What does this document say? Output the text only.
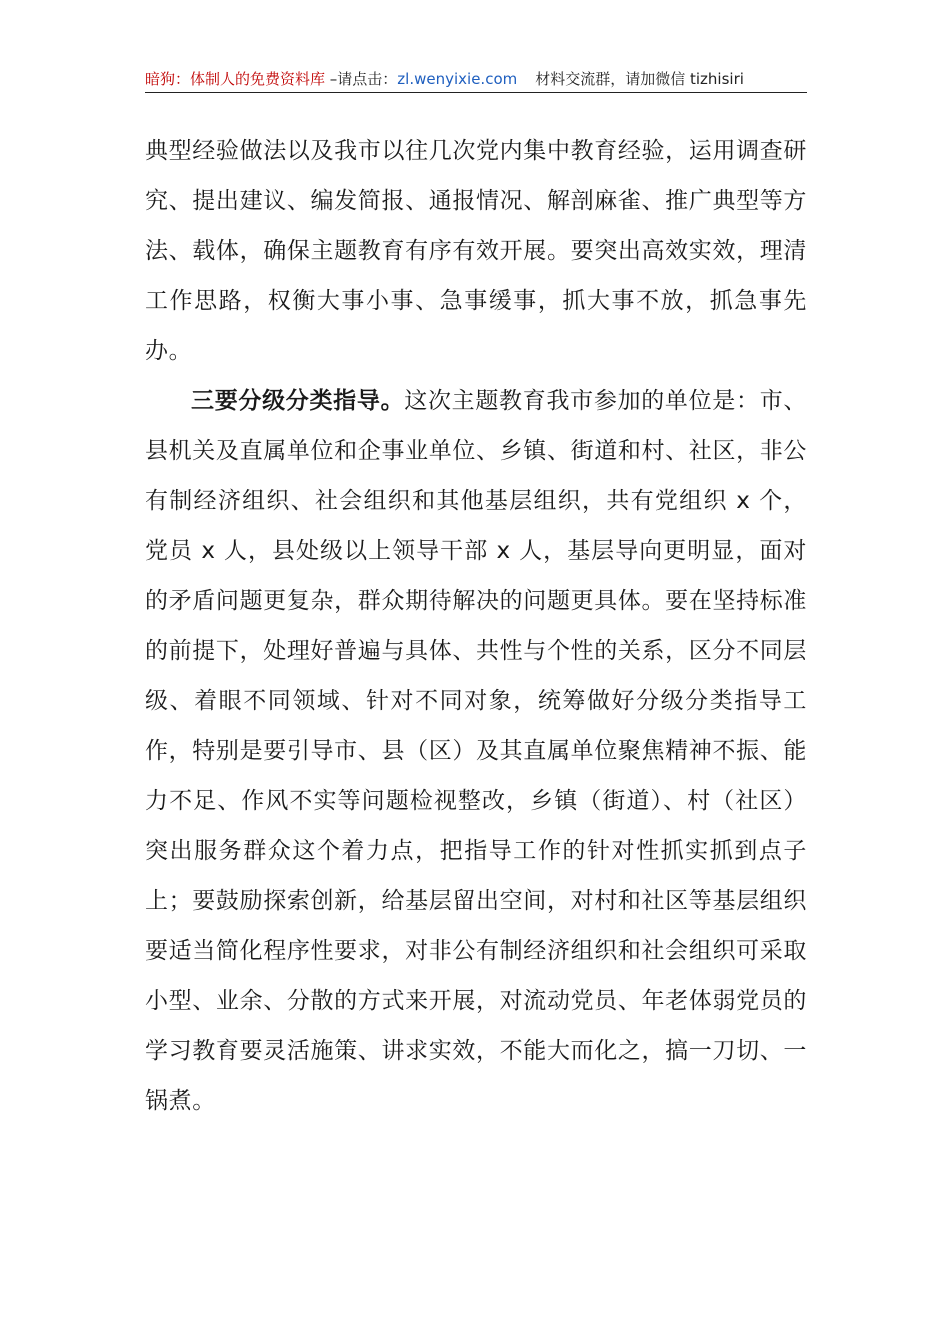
暗狗：体制人的免费资料库 –请点击：zl.wenyixie.com 材料交流群，请加微信 tizhisiri

典型经验做法以及我市以往几次党内集中教育经验，运用调查研究、提出建议、编发简报、通报情况、解剖麻雀、推广典型等方法、载体，确保主题教育有序有效开展。要突出高效实效，理清工作思路，权衡大事小事、急事缓事，抓大事不放，抓急事先办。

三要分级分类指导。这次主题教育我市参加的单位是：市、县机关及直属单位和企事业单位、乡镇、街道和村、社区，非公有制经济组织、社会组织和其他基层组织，共有党组织 x 个，党员 x 人，县处级以上领导干部 x 人，基层导向更明显，面对的矛盾问题更复杂，群众期待解决的问题更具体。要在坚持标准的前提下，处理好普遍与具体、共性与个性的关系，区分不同层级、着眼不同领域、针对不同对象，统筹做好分级分类指导工作，特别是要引导市、县（区）及其直属单位聚焦精神不振、能力不足、作风不实等问题检视整改，乡镇（街道）、村（社区）突出服务群众这个着力点，把指导工作的针对性抓实抓到点子上；要鼓励探索创新，给基层留出空间，对村和社区等基层组织要适当简化程序性要求，对非公有制经济组织和社会组织可采取小型、业余、分散的方式来开展，对流动党员、年老体弱党员的学习教育要灵活施策、讲求实效，不能大而化之，搞一刀切、一锅煮。
